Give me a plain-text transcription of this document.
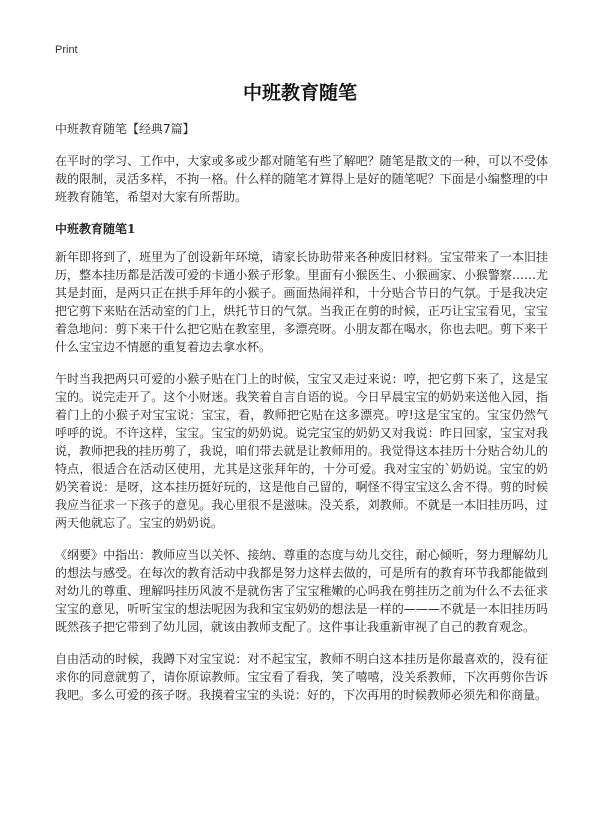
Print
中班教育随笔

中班教育随笔【经典7篇】

在平时的学习、工作中，大家或多或少都对随笔有些了解吧？随笔是散文的一种，可以不受体裁的限制，灵活多样，不拘一格。什么样的随笔才算得上是好的随笔呢？下面是小编整理的中班教育随笔，希望对大家有所帮助。

中班教育随笔1

新年即将到了，班里为了创设新年环境，请家长协助带来各种废旧材料。宝宝带来了一本旧挂历，整本挂历都是活泼可爱的卡通小猴子形象。里面有小猴医生、小猴画家、小猴警察……尤其是封面，是两只正在拱手拜年的小猴子。画面热闹祥和，十分贴合节日的气氛。于是我决定把它剪下来贴在活动室的门上，烘托节日的气氛。当我正在剪的时候，正巧让宝宝看见，宝宝着急地问：剪下来干什么把它贴在教室里，多漂亮呀。小朋友都在喝水，你也去吧。剪下来干什么宝宝边不情愿的重复着边去拿水杯。

午时当我把两只可爱的小猴子贴在门上的时候，宝宝又走过来说：哼，把它剪下来了，这是宝宝的。说完走开了。这个小财迷。我笑着自言自语的说。今日早晨宝宝的奶奶来送他入园，指着门上的小猴子对宝宝说：宝宝，看，教师把它贴在这多漂亮。哼!这是宝宝的。宝宝仍然气呼呼的说。不许这样，宝宝。宝宝的奶奶说。说完宝宝的奶奶又对我说：昨日回家，宝宝对我说，教师把我的挂历剪了，我说，咱们带去就是让教师用的。我觉得这本挂历十分贴合幼儿的特点，很适合在活动区使用，尤其是这张拜年的，十分可爱。我对宝宝的`奶奶说。宝宝的奶奶笑着说：是呀，这本挂历挺好玩的，这是他自己留的，啊怪不得宝宝这么舍不得。剪的时候我应当征求一下孩子的意见。我心里很不是滋味。没关系，刘教师。不就是一本旧挂历吗，过两天他就忘了。宝宝的奶奶说。

《纲要》中指出：教师应当以关怀、接纳、尊重的态度与幼儿交往，耐心倾听，努力理解幼儿的想法与感受。在每次的教育活动中我都是努力这样去做的，可是所有的教育环节我都能做到对幼儿的尊重、理解吗挂历风波不是就伤害了宝宝稚嫩的心吗我在剪挂历之前为什么不去征求宝宝的意见，听听宝宝的想法呢因为我和宝宝奶奶的想法是一样的———不就是一本旧挂历吗既然孩子把它带到了幼儿园，就该由教师支配了。这件事让我重新审视了自己的教育观念。

自由活动的时候，我蹲下对宝宝说：对不起宝宝，教师不明白这本挂历是你最喜欢的，没有征求你的同意就剪了，请你原谅教师。宝宝看了看我，笑了嘻嘻，没关系教师，下次再剪你告诉我吧。多么可爱的孩子呀。我摸着宝宝的头说：好的，下次再用的时候教师必须先和你商量。
